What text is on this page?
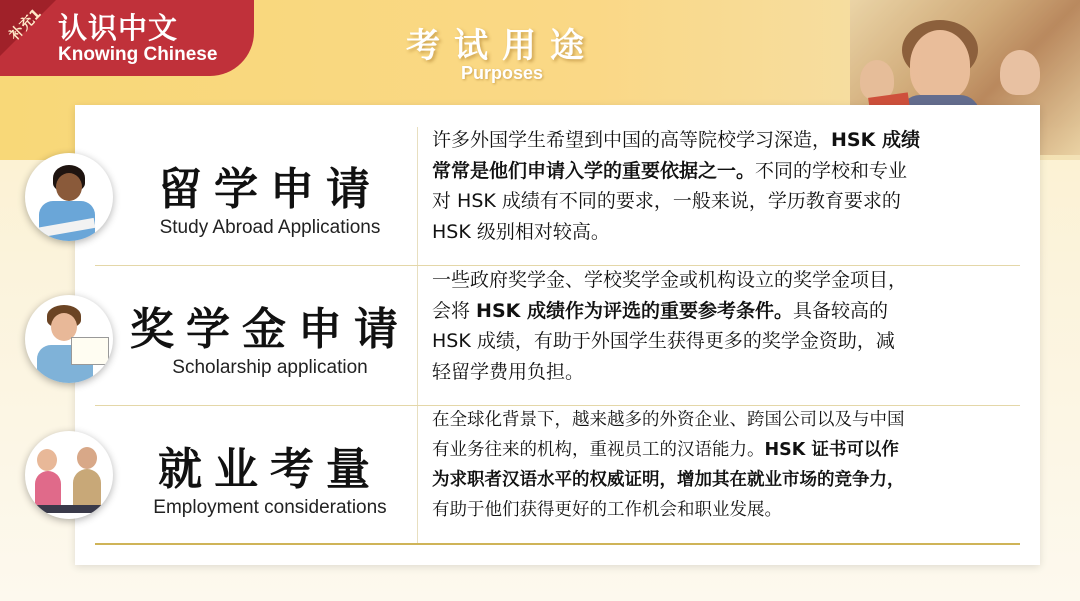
补充1 认识中文
Knowing Chinese	考试用途
Purposes
留学申请
Study Abroad Applications
许多外国学生希望到中国的高等院校学习深造，HSK 成绩
常常是他们申请入学的重要依据之一。不同的学校和专业
对 HSK 成绩有不同的要求，一般来说，学历教育要求的
HSK 级别相对较高。
奖学金申请
Scholarship application
一些政府奖学金、学校奖学金或机构设立的奖学金项目，
会将 HSK 成绩作为评选的重要参考条件。具备较高的
HSK 成绩，有助于外国学生获得更多的奖学金资助，减
轻留学费用负担。
就业考量
Employment considerations
在全球化背景下，越来越多的外资企业、跨国公司以及与中国
有业务往来的机构，重视员工的汉语能力。HSK 证书可以作
为求职者汉语水平的权威证明，增加其在就业市场的竞争力，
有助于他们获得更好的工作机会和职业发展。
